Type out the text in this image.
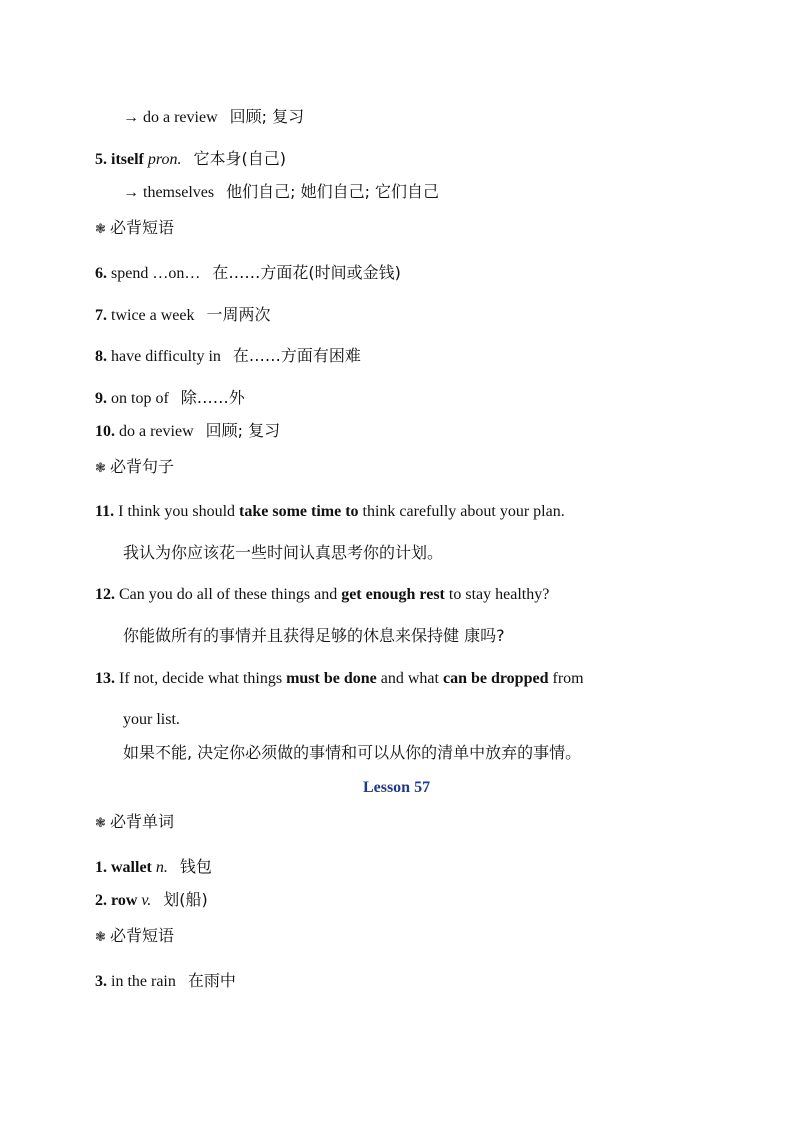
→ do a review 回顾; 复习
5. itself pron. 它本身(自己)
→ themselves 他们自己; 她们自己; 它们自己
❃ 必背短语
6. spend …on… 在……方面花(时间或金钱)
7. twice a week 一周两次
8. have difficulty in 在……方面有困难
9. on top of 除……外
10. do a review 回顾; 复习
❃ 必背句子
11. I think you should take some time to think carefully about your plan.
我认为你应该花一些时间认真思考你的计划。
12. Can you do all of these things and get enough rest to stay healthy?
你能做所有的事情并且获得足够的休息来保持健 康吗?
13. If not, decide what things must be done and what can be dropped from
your list.
如果不能, 决定你必须做的事情和可以从你的清单中放弃的事情。
Lesson 57
❃ 必背单词
1. wallet n. 钱包
2. row v. 划(船)
❃ 必背短语
3. in the rain 在雨中
